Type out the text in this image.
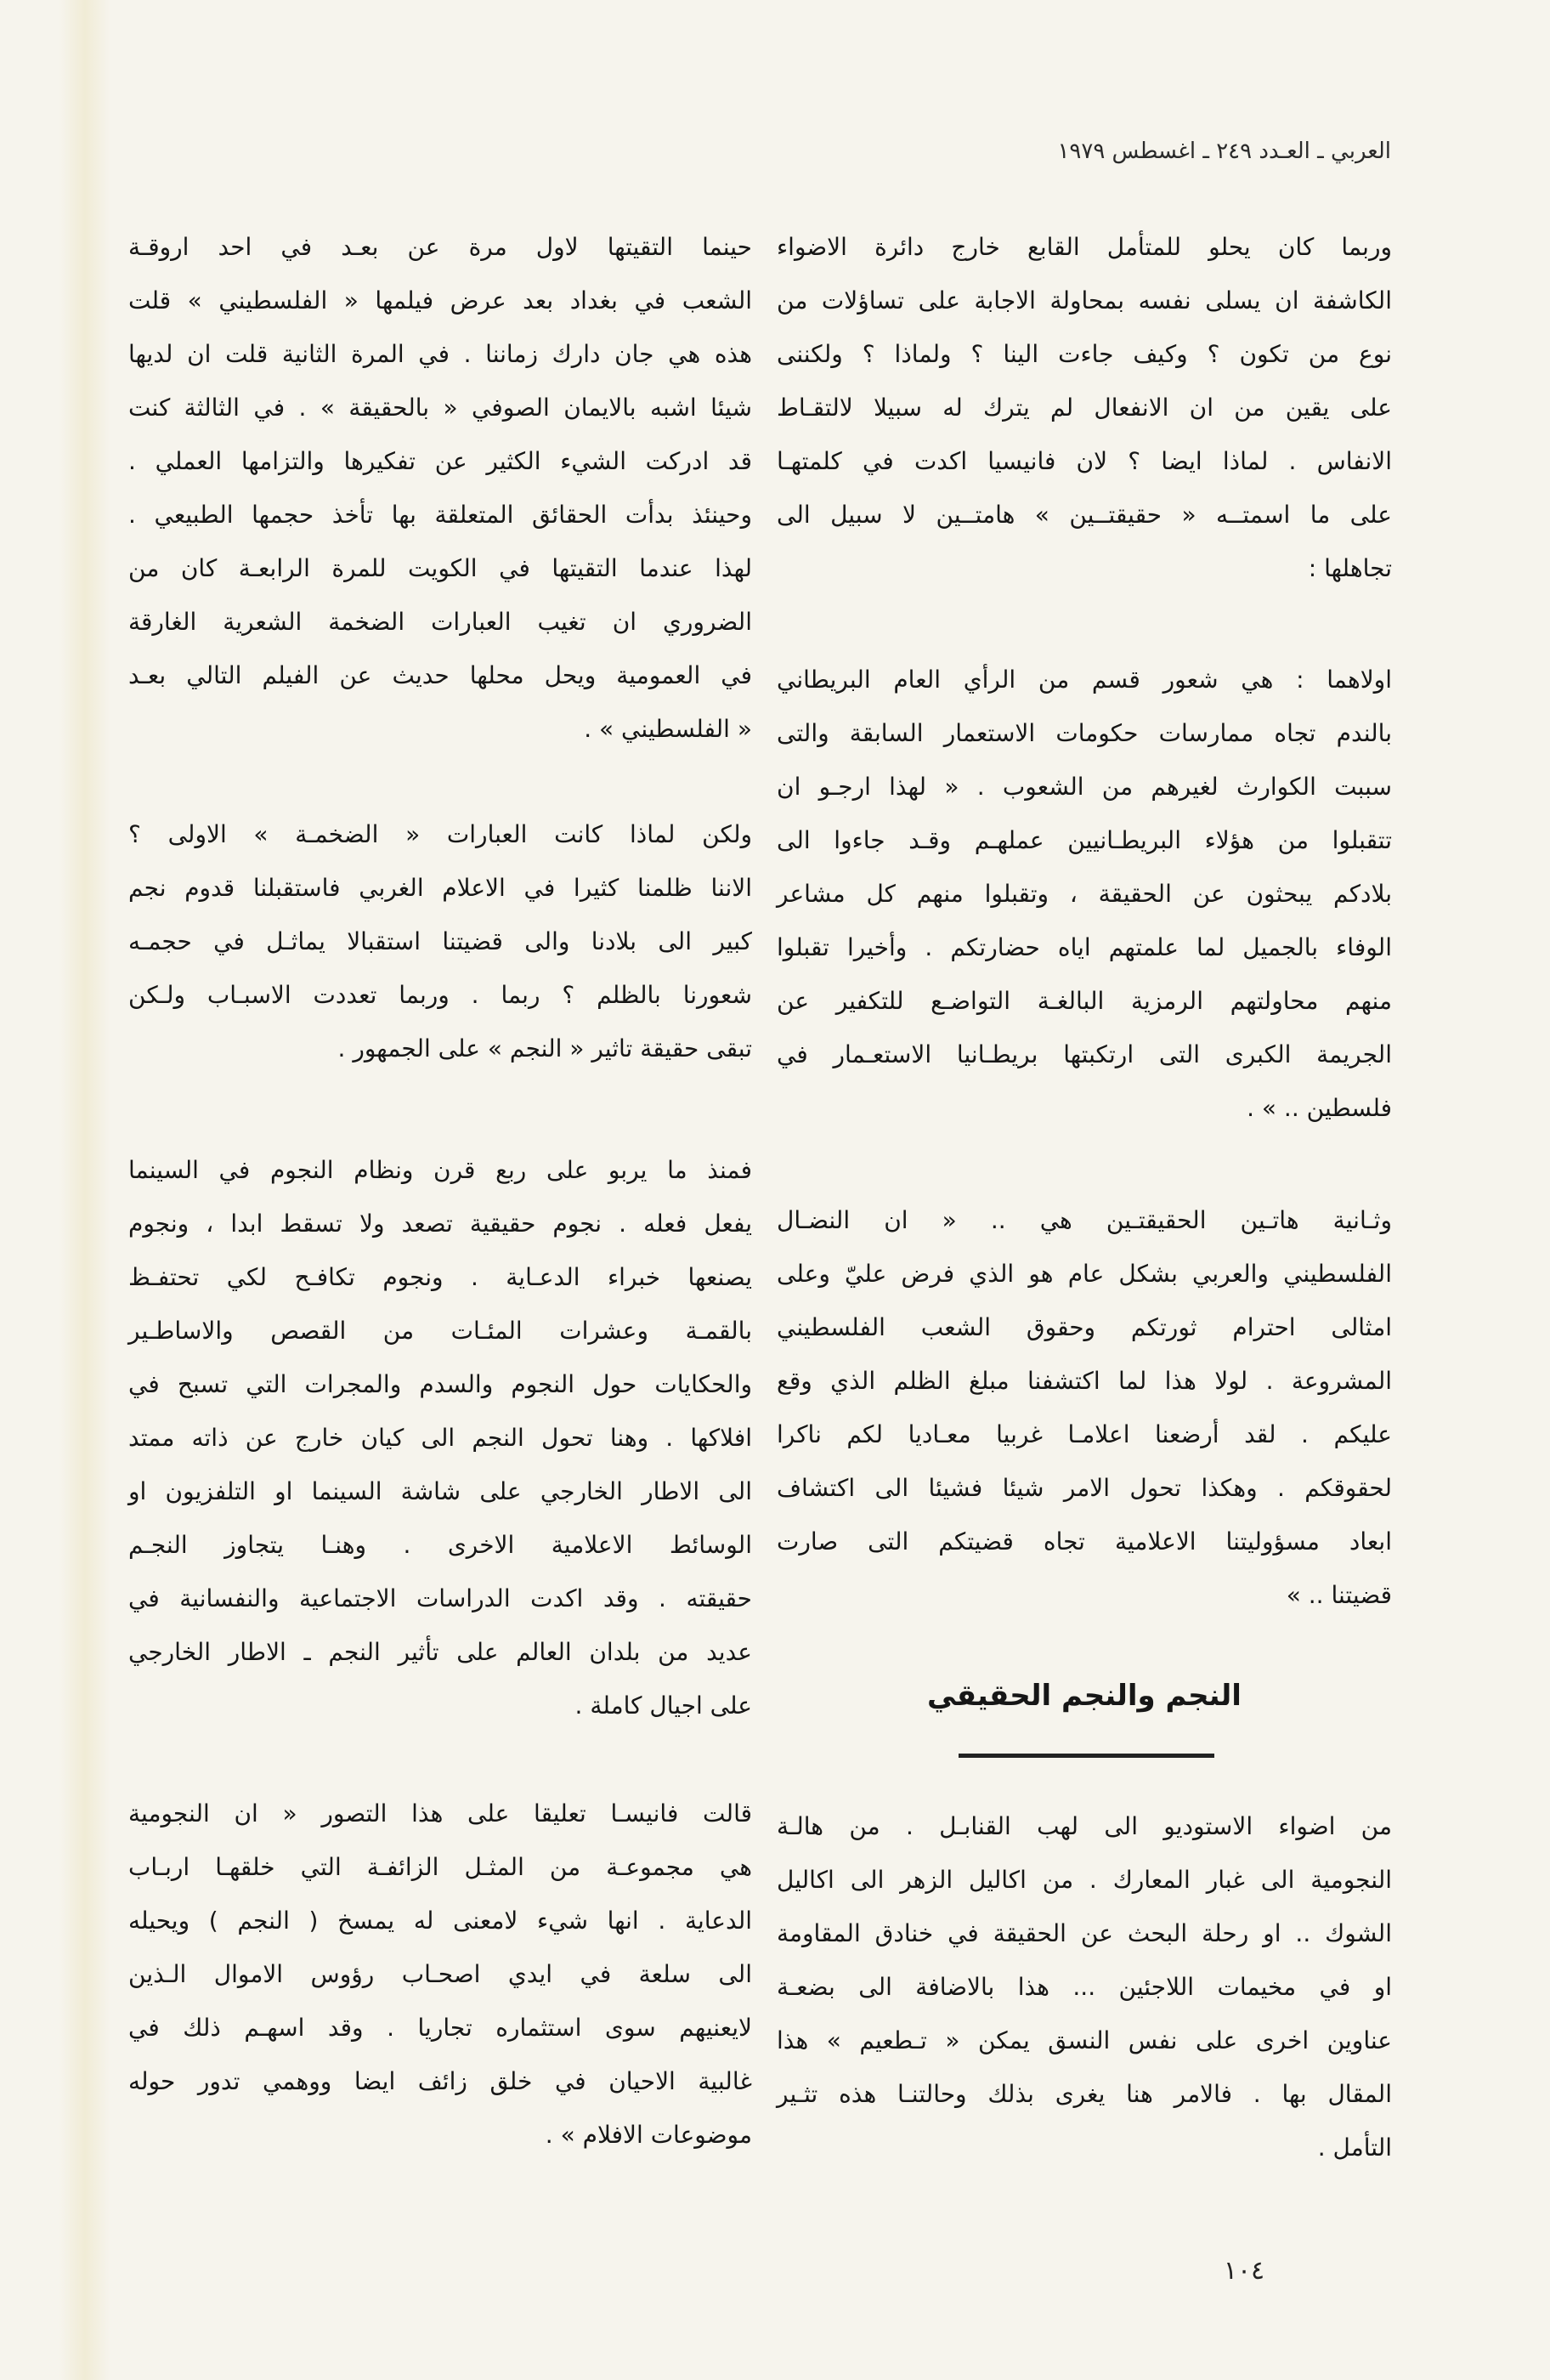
العربي ـ العـدد ٢٤٩ ـ اغسطس ١٩٧٩
وربما كان يحلو للمتأمل القابع خارج دائرة الاضواء
الكاشفة ان يسلى نفسه بمحاولة الاجابة على تساؤلات من
نوع من تكون ؟ وكيف جاءت الينا ؟ ولماذا ؟ ولكننى
على يقين من ان الانفعال لم يترك له سبيلا لالتقـاط
الانفاس . لماذا ايضا ؟ لان فانيسيا اكدت في كلمتهـا
على ما اسمتــه « حقيقتــين » هامتــين لا سبيل الى
تجاهلها :
اولاهما : هي شعور قسم من الرأي العام البريطاني
بالندم تجاه ممارسات حكومات الاستعمار السابقة والتى
سببت الكوارث لغيرهم من الشعوب . « لهذا ارجـو ان
تتقبلوا من هؤلاء البريطـانيين عملهـم وقـد جاءوا الى
بلادكم يبحثون عن الحقيقة ، وتقبلوا منهم كل مشاعر
الوفاء بالجميل لما علمتهم اياه حضارتكم . وأخيرا تقبلوا
منهم محاولتهم الرمزية البالغـة التواضـع للتكفير عن
الجريمة الكبرى التى ارتكبتها بريطـانيا الاستعـمار في
فلسطين .. » .
وثـانية هاتـين الحقيقتـين هي .. « ان النضـال
الفلسطيني والعربي بشكل عام هو الذي فرض عليّ وعلى
امثالى احترام ثورتكم وحقوق الشعب الفلسطيني
المشروعة . لولا هذا لما اكتشفنا مبلغ الظلم الذي وقع
عليكم . لقد أرضعنا اعلامـا غربيا معـاديا لكم ناكرا
لحقوقكم . وهكذا تحول الامر شيئا فشيئا الى اكتشاف
ابعاد مسؤوليتنا الاعلامية تجاه قضيتكم التى صارت
قضيتنا .. »
النجم والنجم الحقيقي
من اضواء الاستوديو الى لهب القنابـل . من هالـة
النجومية الى غبار المعارك . من اكاليل الزهر الى اكاليل
الشوك .. او رحلة البحث عن الحقيقة في خنادق المقاومة
او في مخيمات اللاجئين ... هذا بالاضافة الى بضعـة
عناوين اخرى على نفس النسق يمكن « تـطعيم » هذا
المقال بها . فالامر هنا يغرى بذلك وحالتنـا هذه تثـير
التأمل .
حينما التقيتها لاول مرة عن بعـد في احد اروقـة
الشعب في بغداد بعد عرض فيلمها « الفلسطيني » قلت
هذه هي جان دارك زماننا . في المرة الثانية قلت ان لديها
شيئا اشبه بالايمان الصوفي « بالحقيقة » . في الثالثة كنت
قد ادركت الشيء الكثير عن تفكيرها والتزامها العملي .
وحينئذ بدأت الحقائق المتعلقة بها تأخذ حجمها الطبيعي .
لهذا عندما التقيتها في الكويت للمرة الرابعـة كان من
الضروري ان تغيب العبارات الضخمة الشعرية الغارقة
في العمومية ويحل محلها حديث عن الفيلم التالي بعـد
« الفلسطيني » .
ولكن لماذا كانت العبارات « الضخمـة » الاولى ؟
الاننا ظلمنا كثيرا في الاعلام الغربي فاستقبلنا قدوم نجم
كبير الى بلادنا والى قضيتنا استقبالا يماثـل في حجمـه
شعورنا بالظلم ؟ ربما . وربما تعددت الاسبـاب ولـكن
تبقى حقيقة تاثير « النجم » على الجمهور .
فمنذ ما يربو على ربع قرن ونظام النجوم في السينما
يفعل فعله . نجوم حقيقية تصعد ولا تسقط ابدا ، ونجوم
يصنعها خبراء الدعـاية . ونجوم تكافـح لكي تحتفـظ
بالقمـة وعشرات المئـات من القصص والاساطـير
والحكايات حول النجوم والسدم والمجرات التي تسبح في
افلاكها . وهنا تحول النجم الى كيان خارج عن ذاته ممتد
الى الاطار الخارجي على شاشة السينما او التلفزيون او
الوسائط الاعلامية الاخرى . وهنـا يتجاوز النجـم
حقيقته . وقد اكدت الدراسات الاجتماعية والنفسانية في
عديد من بلدان العالم على تأثير النجم ـ الاطار الخارجي
على اجيال كاملة .
قالت فانيسـا تعليقا على هذا التصور « ان النجومية
هي مجموعـة من المثـل الزائفـة التي خلقهـا اربـاب
الدعاية . انها شيء لامعنى له يمسخ ( النجم ) ويحيله
الى سلعة في ايدي اصحـاب رؤوس الاموال الـذين
لايعنيهم سوى استثماره تجاريا . وقد اسهـم ذلك في
غالبية الاحيان في خلق زائف ايضا ووهمي تدور حوله
موضوعات الافلام » .
١٠٤
